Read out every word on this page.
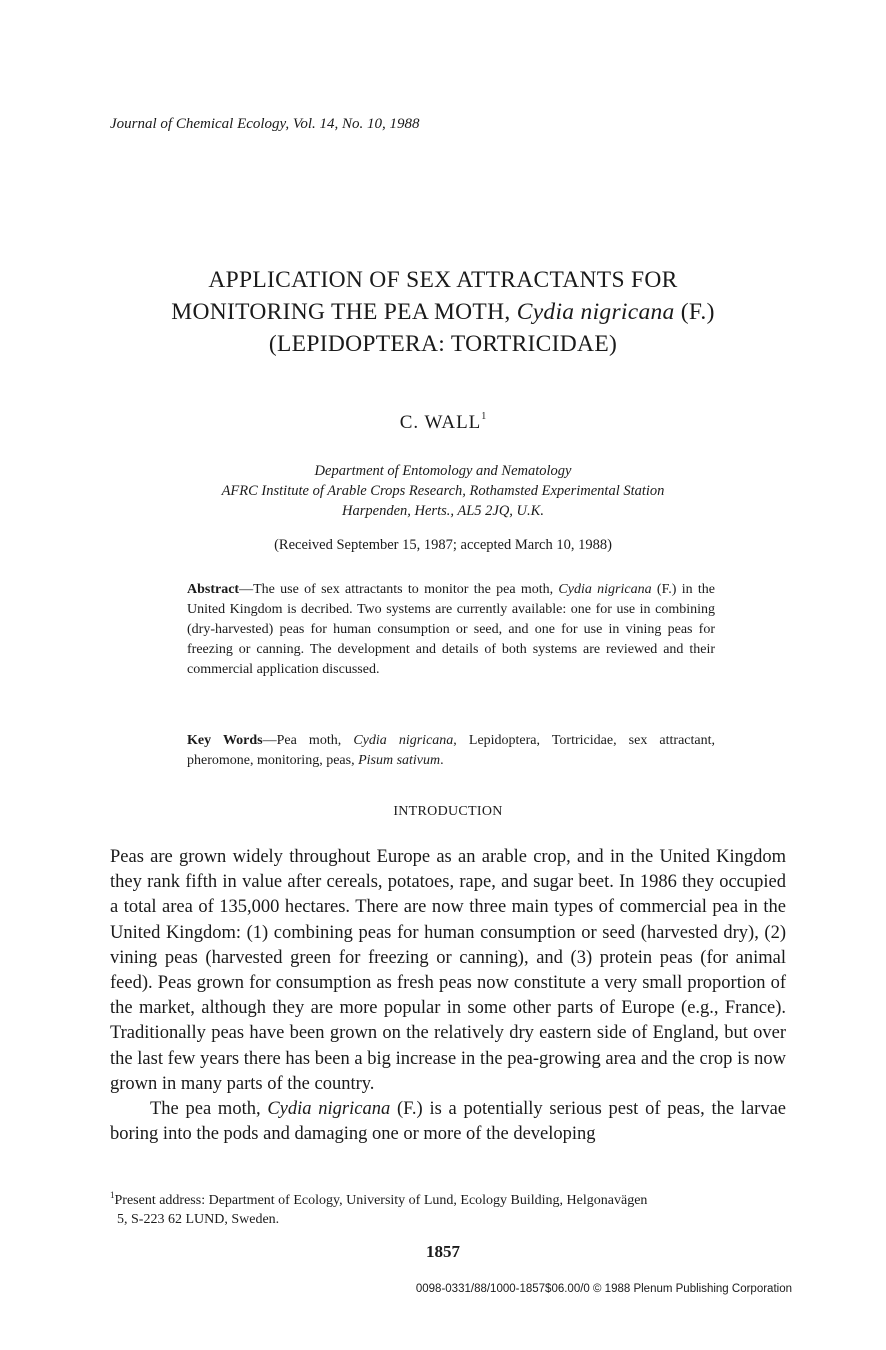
Journal of Chemical Ecology, Vol. 14, No. 10, 1988
APPLICATION OF SEX ATTRACTANTS FOR
MONITORING THE PEA MOTH, Cydia nigricana (F.)
(LEPIDOPTERA: TORTRICIDAE)
C. WALL$^1$
Department of Entomology and Nematology
AFRC Institute of Arable Crops Research, Rothamsted Experimental Station
Harpenden, Herts., AL5 2JQ, U.K.
(Received September 15, 1987; accepted March 10, 1988)
Abstract—The use of sex attractants to monitor the pea moth, Cydia nigricana (F.) in the United Kingdom is decribed. Two systems are currently available: one for use in combining (dry-harvested) peas for human consumption or seed, and one for use in vining peas for freezing or canning. The development and details of both systems are reviewed and their commercial application discussed.
Key Words—Pea moth, Cydia nigricana, Lepidoptera, Tortricidae, sex attractant, pheromone, monitoring, peas, Pisum sativum.
INTRODUCTION

Peas are grown widely throughout Europe as an arable crop, and in the United Kingdom they rank fifth in value after cereals, potatoes, rape, and sugar beet. In 1986 they occupied a total area of 135,000 hectares. There are now three main types of commercial pea in the United Kingdom: (1) combining peas for human consumption or seed (harvested dry), (2) vining peas (harvested green for freezing or canning), and (3) protein peas (for animal feed). Peas grown for consumption as fresh peas now constitute a very small proportion of the market, although they are more popular in some other parts of Europe (e.g., France). Traditionally peas have been grown on the relatively dry eastern side of England, but over the last few years there has been a big increase in the pea-growing area and the crop is now grown in many parts of the country.

The pea moth, Cydia nigricana (F.) is a potentially serious pest of peas, the larvae boring into the pods and damaging one or more of the developing

$^1$Present address: Department of Ecology, University of Lund, Ecology Building, Helgonavägen
5, S-223 62 LUND, Sweden.
1857
0098-0331/88/1000-1857$06.00/0 © 1988 Plenum Publishing Corporation
